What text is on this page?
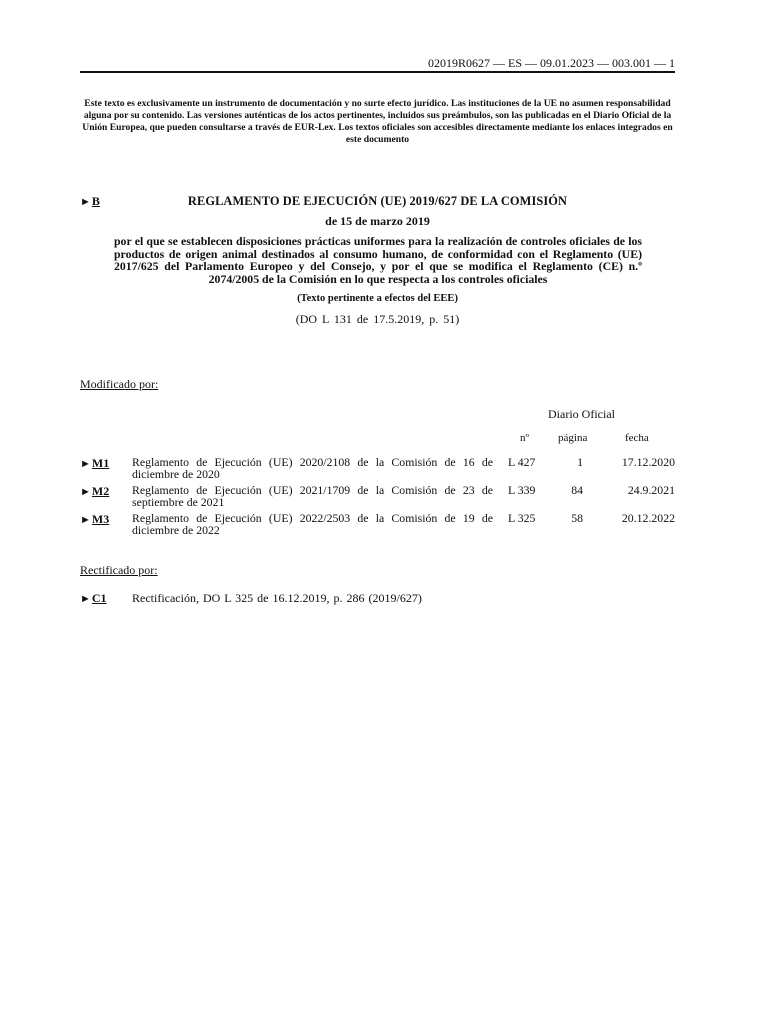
02019R0627 — ES — 09.01.2023 — 003.001 — 1
Este texto es exclusivamente un instrumento de documentación y no surte efecto jurídico. Las instituciones de la UE no asumen responsabilidad alguna por su contenido. Las versiones auténticas de los actos pertinentes, incluidos sus preámbulos, son las publicadas en el Diario Oficial de la Unión Europea, que pueden consultarse a través de EUR-Lex. Los textos oficiales son accesibles directamente mediante los enlaces integrados en este documento
►B	REGLAMENTO DE EJECUCIÓN (UE) 2019/627 DE LA COMISIÓN
de 15 de marzo 2019
por el que se establecen disposiciones prácticas uniformes para la realización de controles oficiales de los productos de origen animal destinados al consumo humano, de conformidad con el Reglamento (UE) 2017/625 del Parlamento Europeo y del Consejo, y por el que se modifica el Reglamento (CE) n.º 2074/2005 de la Comisión en lo que respecta a los controles oficiales
(Texto pertinente a efectos del EEE)
(DO L 131 de 17.5.2019, p. 51)
Modificado por:
Diario Oficial
nº	página	fecha
►M1 Reglamento de Ejecución (UE) 2020/2108 de la Comisión de 16 de diciembre de 2020
L 427	1	17.12.2020
►M2 Reglamento de Ejecución (UE) 2021/1709 de la Comisión de 23 de septiembre de 2021
L 339	84	24.9.2021
►M3 Reglamento de Ejecución (UE) 2022/2503 de la Comisión de 19 de diciembre de 2022
L 325	58	20.12.2022
Rectificado por:
►C1 Rectificación, DO L 325 de 16.12.2019, p. 286 (2019/627)
